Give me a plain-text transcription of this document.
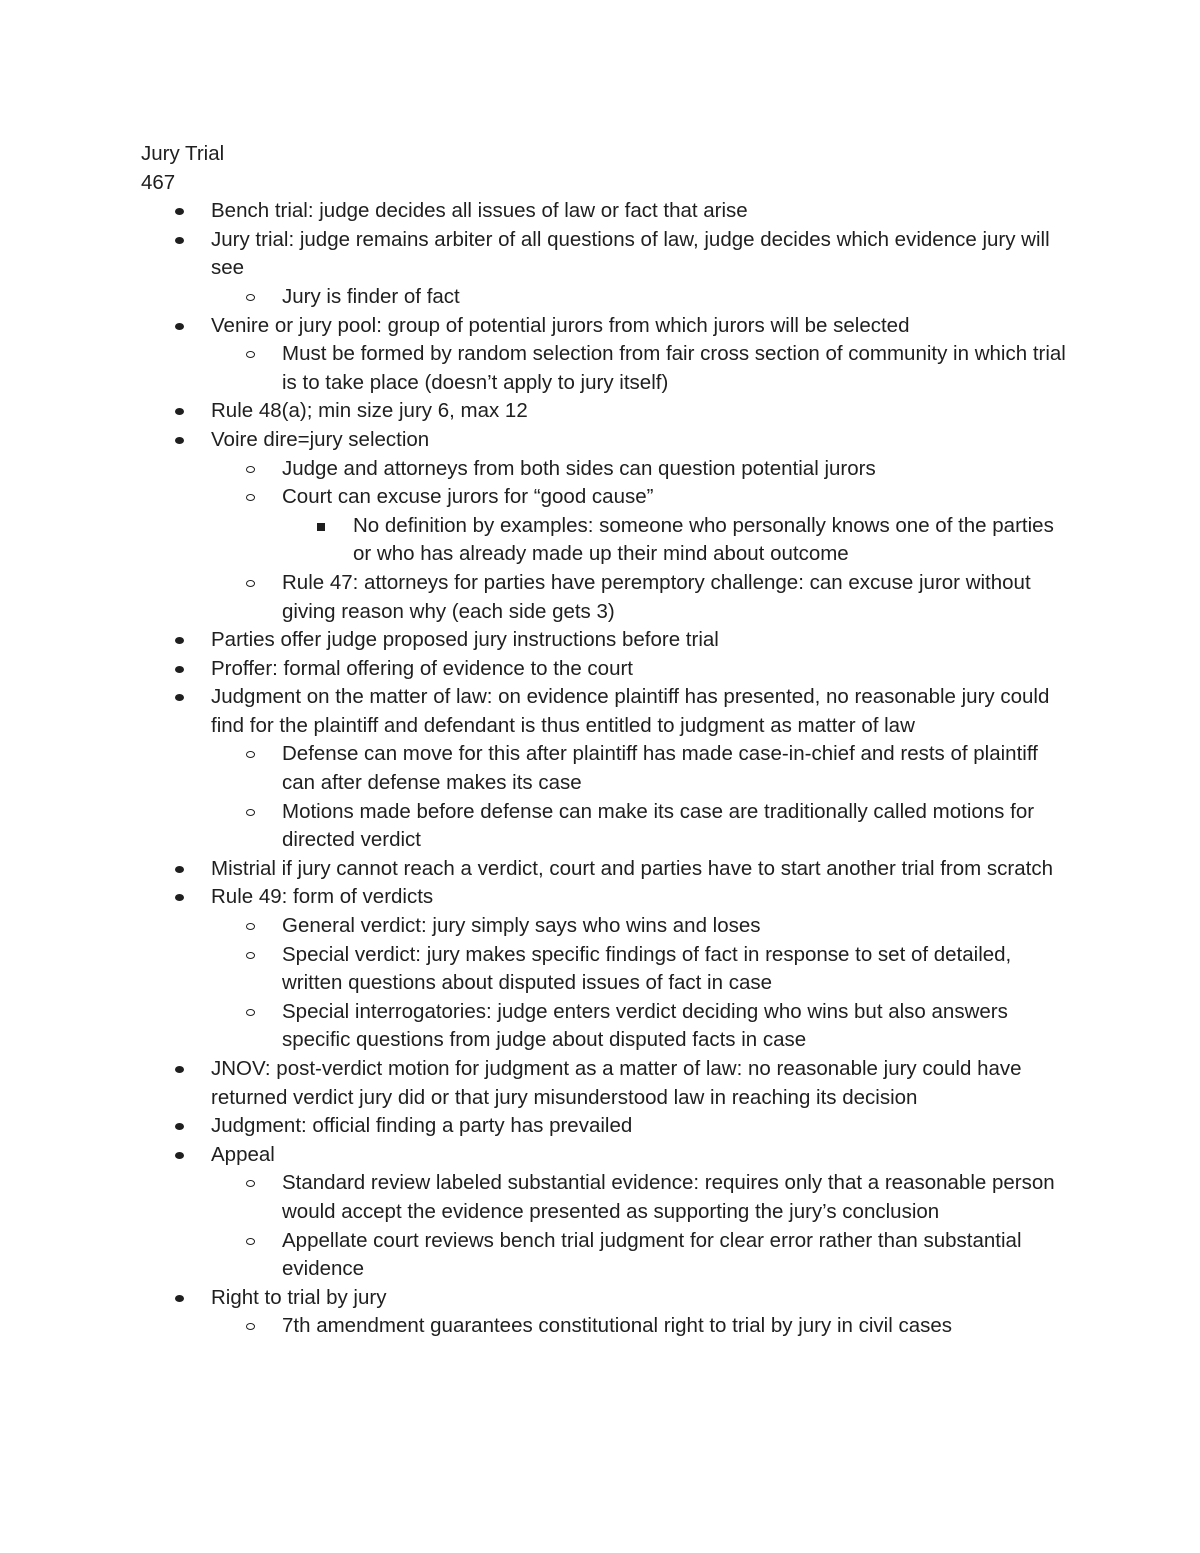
Jury Trial
467
Bench trial: judge decides all issues of law or fact that arise
Jury trial: judge remains arbiter of all questions of law, judge decides which evidence jury will see
Jury is finder of fact
Venire or jury pool: group of potential jurors from which jurors will be selected
Must be formed by random selection from fair cross section of community in which trial is to take place (doesn’t apply to jury itself)
Rule 48(a); min size jury 6, max 12
Voire dire=jury selection
Judge and attorneys from both sides can question potential jurors
Court can excuse jurors for “good cause”
No definition by examples: someone who personally knows one of the parties or who has already made up their mind about outcome
Rule 47: attorneys for parties have peremptory challenge: can excuse juror without giving reason why (each side gets 3)
Parties offer judge proposed jury instructions before trial
Proffer: formal offering of evidence to the court
Judgment on the matter of law: on evidence plaintiff has presented, no reasonable jury could find for the plaintiff and defendant is thus entitled to judgment as matter of law
Defense can move for this after plaintiff has made case-in-chief and rests of plaintiff can after defense makes its case
Motions made before defense can make its case are traditionally called motions for directed verdict
Mistrial if jury cannot reach a verdict, court and parties have to start another trial from scratch
Rule 49: form of verdicts
General verdict: jury simply says who wins and loses
Special verdict: jury makes specific findings of fact in response to set of detailed, written questions about disputed issues of fact in case
Special interrogatories: judge enters verdict deciding who wins but also answers specific questions from judge about disputed facts in case
JNOV: post-verdict motion for judgment as a matter of law: no reasonable jury could have returned verdict jury did or that jury misunderstood law in reaching its decision
Judgment: official finding a party has prevailed
Appeal
Standard review labeled substantial evidence: requires only that a reasonable person would accept the evidence presented as supporting the jury’s conclusion
Appellate court reviews bench trial judgment for clear error rather than substantial evidence
Right to trial by jury
7th amendment guarantees constitutional right to trial by jury in civil cases
